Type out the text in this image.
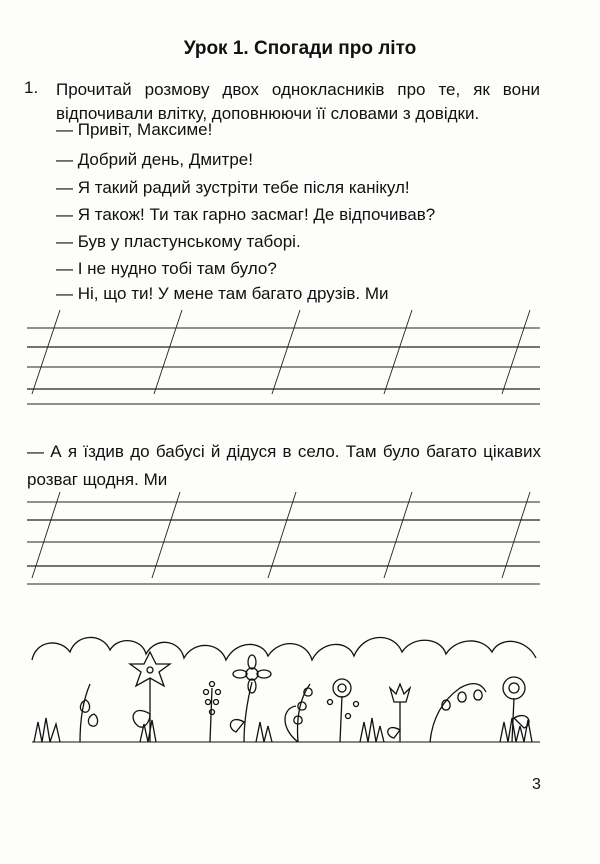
Урок 1. Спогади про літо
1. Прочитай розмову двох однокласників про те, як вони відпочивали влітку, доповнюючи її словами з довідки.
— Привіт, Максиме!
— Добрий день, Дмитре!
— Я такий радий зустріти тебе після канікул!
— Я також! Ти так гарно засмаг! Де відпочивав?
— Був у пластунському таборі.
— І не нудно тобі там було?
— Ні, що ти! У мене там багато друзів. Ми
— А я їздив до бабусі й дідуся в село. Там було багато цікавих розваг щодня. Ми
3
